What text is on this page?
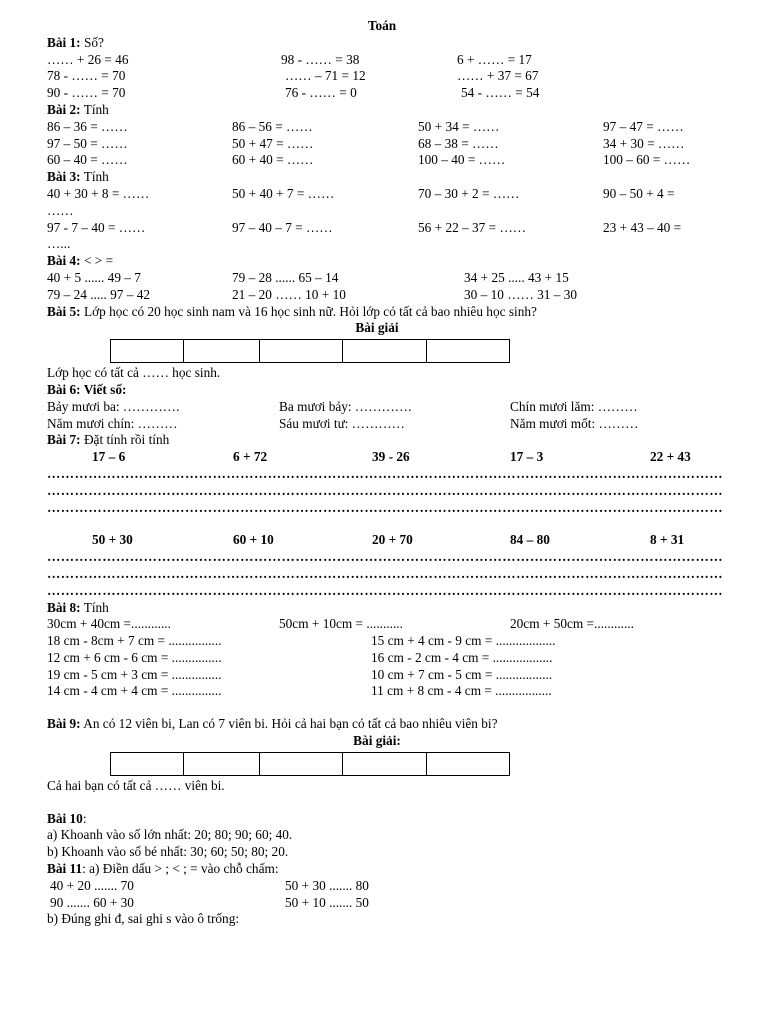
Toán
Bài 1: Số?
…… + 26 = 46	98 - …… = 38	6 + …… = 17
78 - …… = 70	…… – 71 = 12	…… + 37 = 67
90 - …… = 70	76 - …… = 0	54 - …… = 54
Bài 2: Tính
86 – 36 = ……	86 – 56 = ……	50 + 34 = ……	97 – 47 = ……
97 – 50 = ……	50 + 47 = ……	68 – 38 = ……	34 + 30 = ……
60 – 40 = ……	60 + 40 = ……	100 – 40 = ……	100 – 60 = ……
Bài 3: Tính
40 + 30 + 8 = ……	50 + 40 + 7 = ……	70 – 30 + 2 = ……	90 – 50 + 4 =
……
97 - 7 – 40 = ……	97 – 40 – 7 = ……	56 + 22 – 37 = ……	23 + 43 – 40 =
…...
Bài 4: < > =
40 + 5 ...... 49 – 7	79 – 28 ...... 65 – 14	34 + 25 ..... 43 + 15
79 – 24 ..... 97 – 42	21 – 20 …… 10 + 10	30 – 10 …… 31 – 30
Bài 5: Lớp học có 20 học sinh nam và 16 học sinh nữ. Hỏi lớp có tất cả bao nhiêu học sinh?
Bài giải
Lớp học có tất cả …… học sinh.
Bài 6: Viết số:
Bảy mươi ba: ………….	Ba mươi bảy: ………….	Chín mươi lăm: ………
Năm mươi chín: ………	Sáu mươi tư: …………	Năm mươi mốt: ………
Bài 7: Đặt tính rồi tính
17 – 6	6 + 72	39 - 26	17 – 3	22 + 43
…………………………………………………………………………………………………………………………………
…………………………………………………………………………………………………………………………………
…………………………………………………………………………………………………………………………………
50 + 30	60 + 10	20 + 70	84 – 80	8 + 31
…………………………………………………………………………………………………………………………………
…………………………………………………………………………………………………………………………………
…………………………………………………………………………………………………………………………………
Bài 8: Tính
30cm + 40cm =............	50cm + 10cm = ...........	20cm + 50cm =............
18 cm - 8cm + 7 cm = ................	15 cm + 4 cm - 9 cm = ..................
12 cm + 6 cm - 6 cm = ...............	16 cm - 2 cm - 4 cm = ..................
19 cm - 5 cm + 3 cm = ...............	10 cm + 7 cm - 5 cm = .................
14 cm - 4 cm + 4 cm = ...............	11 cm + 8 cm - 4 cm = .................
Bài 9: An có 12 viên bi, Lan có 7 viên bi. Hỏi cả hai bạn có tất cả bao nhiêu viên bi?
Bài giải:
Cả hai bạn có tất cả …… viên bi.
Bài 10:
a) Khoanh vào số lớn nhất: 20; 80; 90; 60; 40.
b) Khoanh vào số bé nhất: 30; 60; 50; 80; 20.
Bài 11: a) Điền dấu > ; < ; = vào chỗ chấm:
40 + 20 ....... 70	50 + 30 ....... 80
90 ....... 60 + 30	50 + 10 ....... 50
b) Đúng ghi đ, sai ghi s vào ô trống:
